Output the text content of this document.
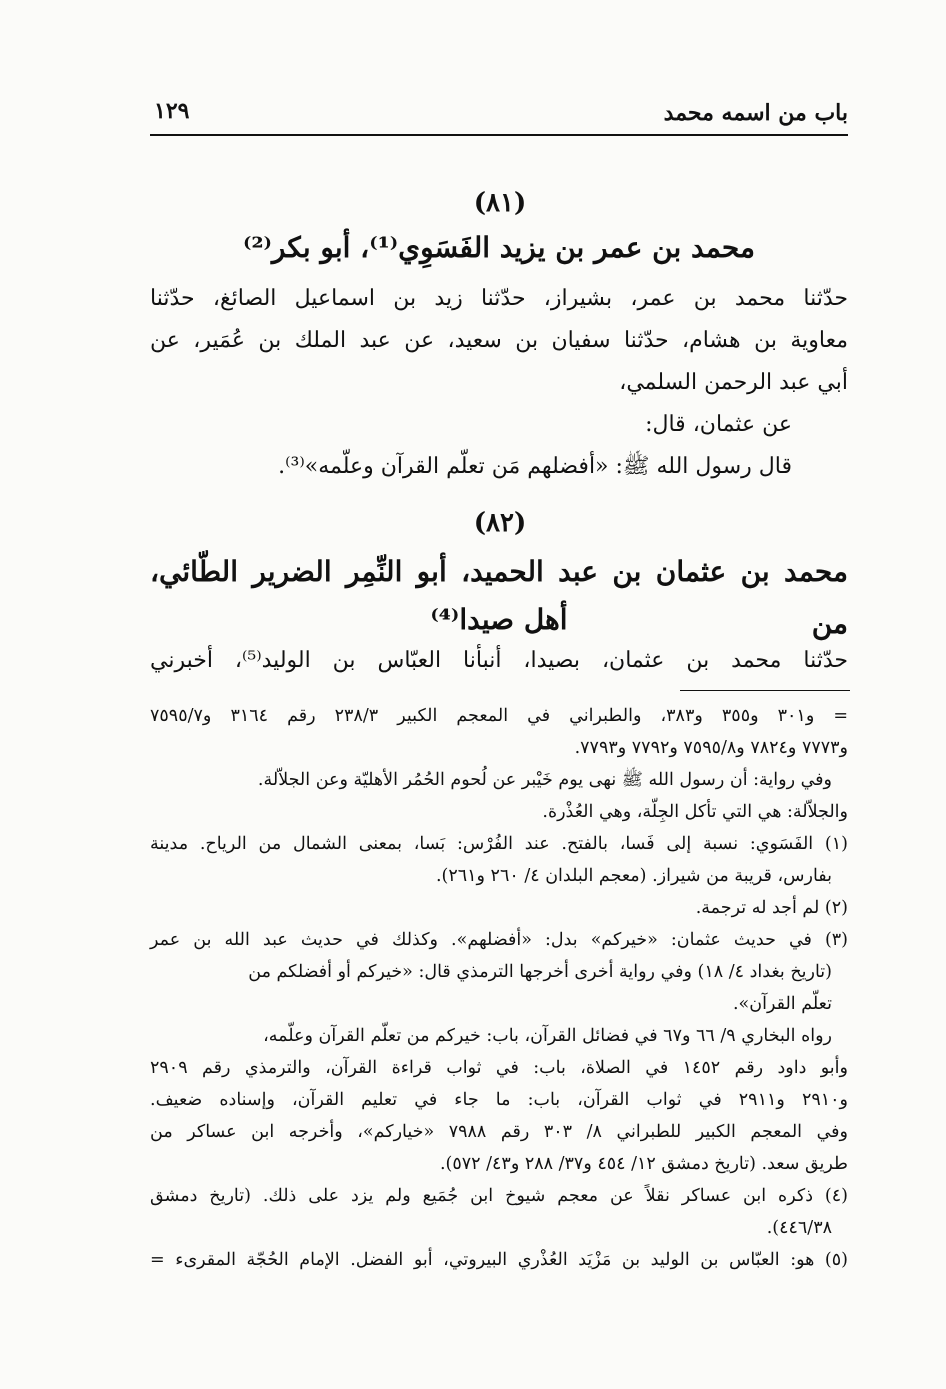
باب من اسمه محمد
١٢٩
(٨١)
محمد بن عمر بن يزيد الفَسَوِي⁽¹⁾، أبو بكر⁽²⁾
حدّثنا محمد بن عمر، بشيراز، حدّثنا زيد بن اسماعيل الصائغ، حدّثنا
معاوية بن هشام، حدّثنا سفيان بن سعيد، عن عبد الملك بن عُمَير، عن
أبي عبد الرحمن السلمي،
عن عثمان، قال:
قال رسول الله ﷺ: «أفضلهم مَن تعلّم القرآن وعلّمه»⁽³⁾.
(٨٢)
محمد بن عثمان بن عبد الحميد، أبو النِّمِر الضرير الطّائي، من
أهل صيدا⁽⁴⁾
حدّثنا محمد بن عثمان، بصيدا، أنبأنا العبّاس بن الوليد⁽⁵⁾، أخبرني

= و٣٠١ و٣٥٥ و٣٨٣، والطبراني في المعجم الكبير ٢٣٨/٣ رقم ٣١٦٤ و٧٥٩٥/٧

و٧٧٧٣ و٧٨٢٤ و٧٥٩٥/٨ و٧٧٩٢ و٧٧٩٣.

وفي رواية: أن رسول الله ﷺ نهى يوم خَيْبر عن لُحوم الحُمُر الأهليّة وعن الجلاّلة.

والجلاّلة: هي التي تأكل الجِلّة، وهي العُذْرة.

(١) الفَسَوي: نسبة إلى فَسا، بالفتح. عند الفُرْس: بَسا، بمعنى الشمال من الرياح. مدينة

بفارس، قريبة من شيراز. (معجم البلدان ٤/ ٢٦٠ و٢٦١).

(٢) لم أجد له ترجمة.

(٣) في حديث عثمان: «خيركم» بدل: «أفضلهم». وكذلك في حديث عبد الله بن عمر

(تاريخ بغداد ٤/ ١٨) وفي رواية أخرى أخرجها الترمذي قال: «خيركم أو أفضلكم من

تعلّم القرآن».

رواه البخاري ٩/ ٦٦ و٦٧ في فضائل القرآن، باب: خيركم من تعلّم القرآن وعلّمه،

وأبو داود رقم ١٤٥٢ في الصلاة، باب: في ثواب قراءة القرآن، والترمذي رقم ٢٩٠٩

و٢٩١٠ و٢٩١١ في ثواب القرآن، باب: ما جاء في تعليم القرآن، وإسناده ضعيف.

وفي المعجم الكبير للطبراني ٨/ ٣٠٣ رقم ٧٩٨٨ «خياركم»، وأخرجه ابن عساكر من

طريق سعد. (تاريخ دمشق ١٢/ ٤٥٤ و٣٧/ ٢٨٨ و٤٣/ ٥٧٢).

(٤) ذكره ابن عساكر نقلاً عن معجم شيوخ ابن جُمَيع ولم يزد على ذلك. (تاريخ دمشق

٤٤٦/٣٨).

(٥) هو: العبّاس بن الوليد بن مَزْيَد العُذْري البيروتي، أبو الفضل. الإمام الحُجّة المقرىء =
